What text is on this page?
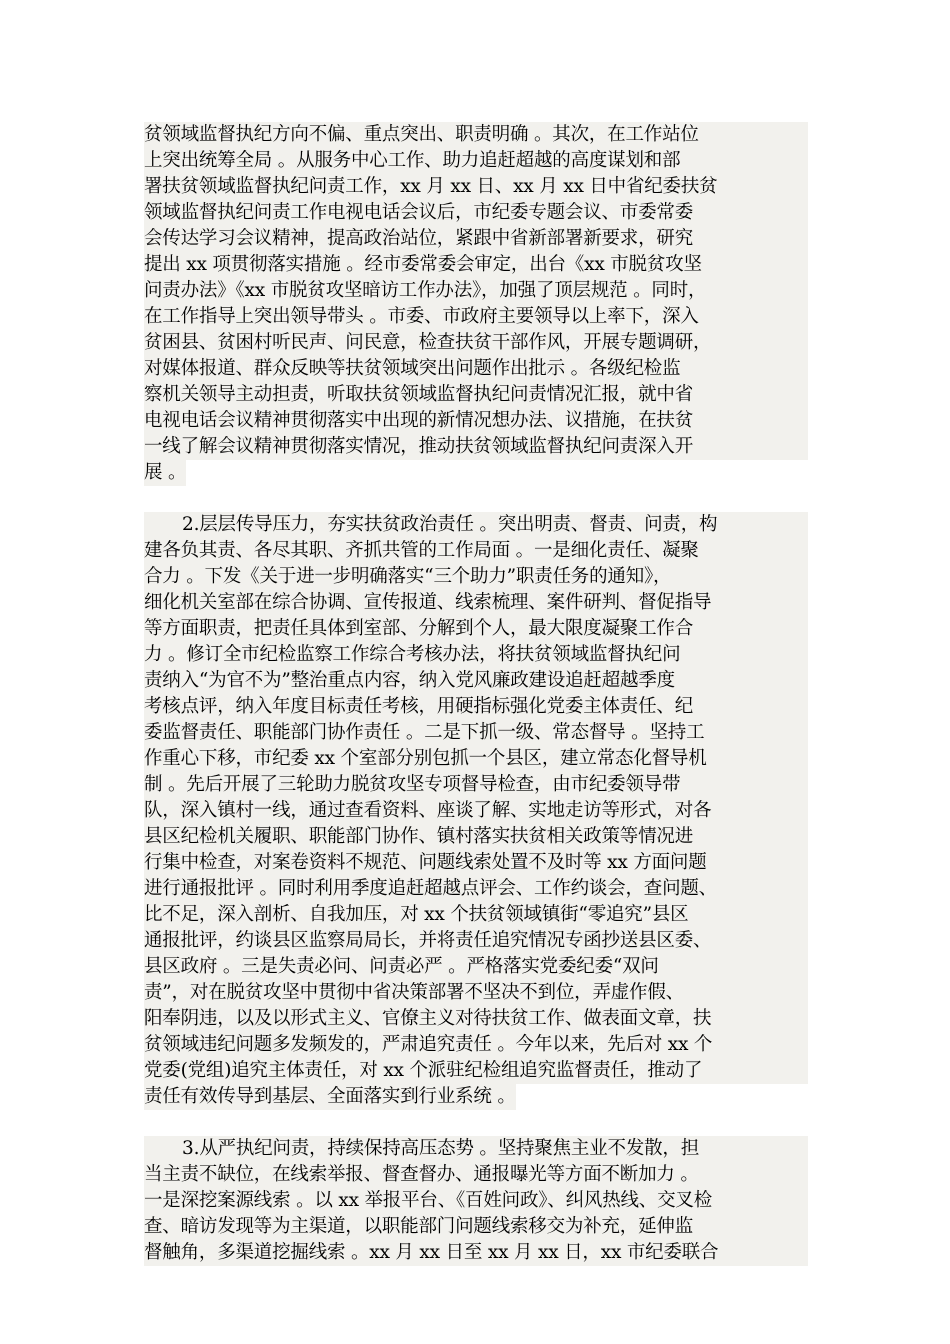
贫领域监督执纪方向不偏、重点突出、职责明确 。其次，在工作站位
上突出统筹全局 。从服务中心工作、助力追赶超越的高度谋划和部
署扶贫领域监督执纪问责工作，xx 月 xx 日、xx 月 xx 日中省纪委扶贫
领域监督执纪问责工作电视电话会议后，市纪委专题会议、市委常委
会传达学习会议精神，提高政治站位，紧跟中省新部署新要求，研究
提出 xx 项贯彻落实措施 。经市委常委会审定，出台《xx 市脱贫攻坚
问责办法》《xx 市脱贫攻坚暗访工作办法》，加强了顶层规范 。同时，
在工作指导上突出领导带头 。市委、市政府主要领导以上率下，深入
贫困县、贫困村听民声、问民意，检查扶贫干部作风，开展专题调研，
对媒体报道、群众反映等扶贫领域突出问题作出批示 。各级纪检监
察机关领导主动担责，听取扶贫领域监督执纪问责情况汇报，就中省
电视电话会议精神贯彻落实中出现的新情况想办法、议措施，在扶贫
一线了解会议精神贯彻落实情况，推动扶贫领域监督执纪问责深入开
展 。
2.层层传导压力，夯实扶贫政治责任 。突出明责、督责、问责，构
建各负其责、各尽其职、齐抓共管的工作局面 。一是细化责任、凝聚
合力 。下发《关于进一步明确落实“三个助力”职责任务的通知》，
细化机关室部在综合协调、宣传报道、线索梳理、案件研判、督促指导
等方面职责，把责任具体到室部、分解到个人，最大限度凝聚工作合
力 。修订全市纪检监察工作综合考核办法，将扶贫领域监督执纪问
责纳入“为官不为”整治重点内容，纳入党风廉政建设追赶超越季度
考核点评，纳入年度目标责任考核，用硬指标强化党委主体责任、纪
委监督责任、职能部门协作责任 。二是下抓一级、常态督导 。坚持工
作重心下移，市纪委 xx 个室部分别包抓一个县区，建立常态化督导机
制 。先后开展了三轮助力脱贫攻坚专项督导检查，由市纪委领导带
队，深入镇村一线，通过查看资料、座谈了解、实地走访等形式，对各
县区纪检机关履职、职能部门协作、镇村落实扶贫相关政策等情况进
行集中检查，对案卷资料不规范、问题线索处置不及时等 xx 方面问题
进行通报批评 。同时利用季度追赶超越点评会、工作约谈会，查问题、
比不足，深入剖析、自我加压，对 xx 个扶贫领域镇街“零追究”县区
通报批评，约谈县区监察局局长，并将责任追究情况专函抄送县区委、
县区政府 。三是失责必问、问责必严 。严格落实党委纪委“双问
责”，对在脱贫攻坚中贯彻中省决策部署不坚决不到位，弄虚作假、
阳奉阴违，以及以形式主义、官僚主义对待扶贫工作、做表面文章，扶
贫领域违纪问题多发频发的，严肃追究责任 。今年以来，先后对 xx 个
党委(党组)追究主体责任，对 xx 个派驻纪检组追究监督责任，推动了
责任有效传导到基层、全面落实到行业系统 。
3.从严执纪问责，持续保持高压态势 。坚持聚焦主业不发散，担
当主责不缺位，在线索举报、督查督办、通报曝光等方面不断加力 。
一是深挖案源线索 。以 xx 举报平台、《百姓问政》、纠风热线、交叉检
查、暗访发现等为主渠道，以职能部门问题线索移交为补充，延伸监
督触角，多渠道挖掘线索 。xx 月 xx 日至 xx 月 xx 日，xx 市纪委联合
